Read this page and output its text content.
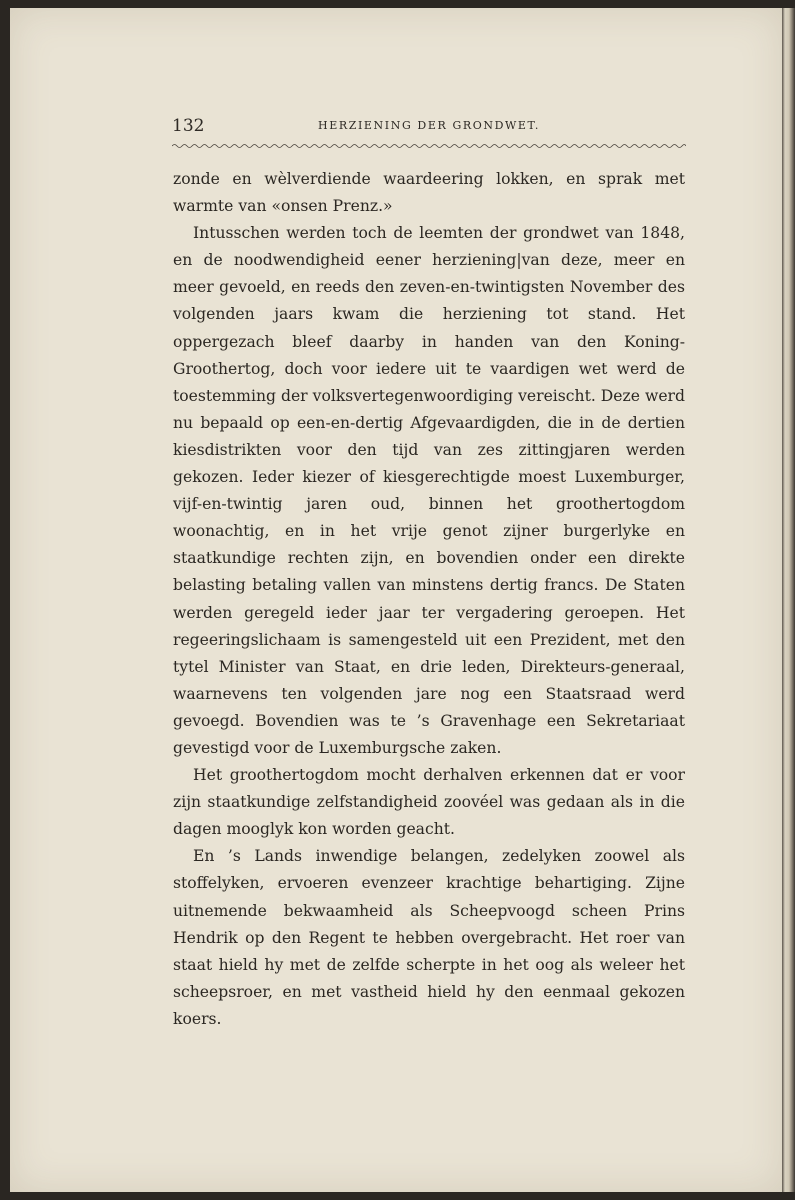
132	HERZIENING DER GRONDWET.

zonde en wèlverdiende waardeering lokken, en sprak met warmte van «onsen Prenz.»

Intusschen werden toch de leemten der grondwet van 1848, en de noodwendigheid eener herziening|van deze, meer en meer gevoeld, en reeds den zeven-en-twintigsten November des volgenden jaars kwam die herziening tot stand. Het oppergezach bleef daarby in handen van den Koning-Groothertog, doch voor iedere uit te vaardigen wet werd de toestemming der volksvertegenwoordiging vereischt. Deze werd nu bepaald op een-en-dertig Afgevaardigden, die in de dertien kiesdistrikten voor den tijd van zes zittingjaren werden gekozen. Ieder kiezer of kiesgerechtigde moest Luxemburger, vijf-en-twintig jaren oud, binnen het groothertogdom woonachtig, en in het vrije genot zijner burgerlyke en staatkundige rechten zijn, en bovendien onder een direkte belasting betaling vallen van minstens dertig francs. De Staten werden geregeld ieder jaar ter vergadering geroepen. Het regeeringslichaam is samengesteld uit een Prezident, met den tytel Minister van Staat, en drie leden, Direkteurs-generaal, waarnevens ten volgenden jare nog een Staatsraad werd gevoegd. Bovendien was te ’s Gravenhage een Sekretariaat gevestigd voor de Luxemburgsche zaken.

Het groothertogdom mocht derhalven erkennen dat er voor zijn staatkundige zelfstandigheid zoovéel was gedaan als in die dagen mooglyk kon worden geacht.

En ’s Lands inwendige belangen, zedelyken zoowel als stoffelyken, ervoeren evenzeer krachtige behartiging. Zijne uitnemende bekwaamheid als Scheepvoogd scheen Prins Hendrik op den Regent te hebben overgebracht. Het roer van staat hield hy met de zelfde scherpte in het oog als weleer het scheepsroer, en met vastheid hield hy den eenmaal gekozen koers.
